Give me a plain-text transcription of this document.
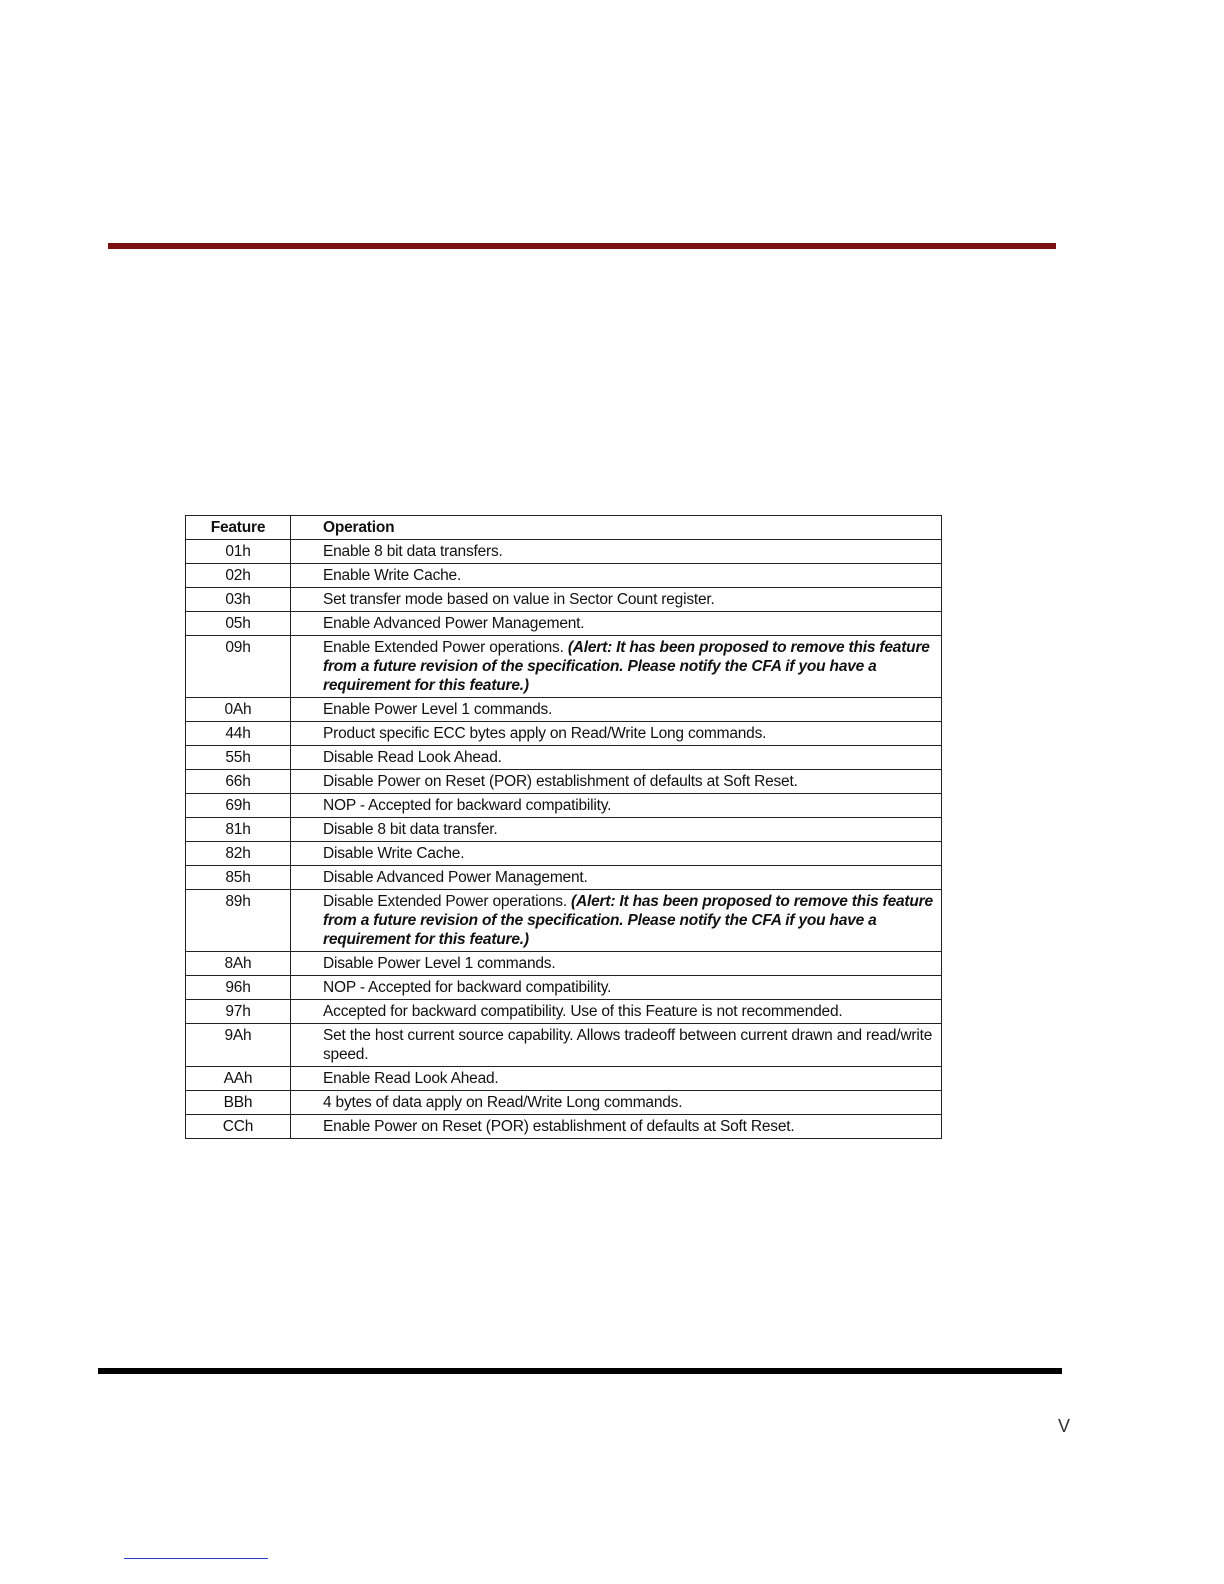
Feature	Operation
01h	Enable 8 bit data transfers.
02h	Enable Write Cache.
03h	Set transfer mode based on value in Sector Count register.
05h	Enable Advanced Power Management.
09h	Enable Extended Power operations. (Alert: It has been proposed to remove this feature from a future revision of the specification. Please notify the CFA if you have a requirement for this feature.)
0Ah	Enable Power Level 1 commands.
44h	Product specific ECC bytes apply on Read/Write Long commands.
55h	Disable Read Look Ahead.
66h	Disable Power on Reset (POR) establishment of defaults at Soft Reset.
69h	NOP - Accepted for backward compatibility.
81h	Disable 8 bit data transfer.
82h	Disable Write Cache.
85h	Disable Advanced Power Management.
89h	Disable Extended Power operations. (Alert: It has been proposed to remove this feature from a future revision of the specification. Please notify the CFA if you have a requirement for this feature.)
8Ah	Disable Power Level 1 commands.
96h	NOP - Accepted for backward compatibility.
97h	Accepted for backward compatibility. Use of this Feature is not recommended.
9Ah	Set the host current source capability. Allows tradeoff between current drawn and read/write speed.
AAh	Enable Read Look Ahead.
BBh	4 bytes of data apply on Read/Write Long commands.
CCh	Enable Power on Reset (POR) establishment of defaults at Soft Reset.
V
